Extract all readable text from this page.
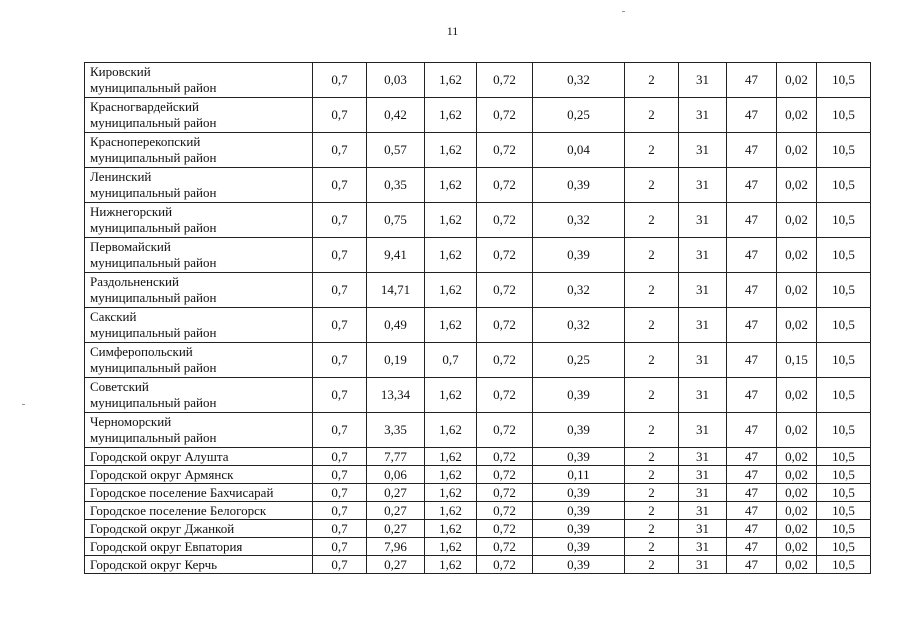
11
Кировский
муниципальный район	0,7	0,03	1,62	0,72	0,32	2	31	47	0,02	10,5

Красногвардейский
муниципальный район	0,7	0,42	1,62	0,72	0,25	2	31	47	0,02	10,5

Красноперекопский
муниципальный район	0,7	0,57	1,62	0,72	0,04	2	31	47	0,02	10,5

Ленинский
муниципальный район	0,7	0,35	1,62	0,72	0,39	2	31	47	0,02	10,5

Нижнегорский
муниципальный район	0,7	0,75	1,62	0,72	0,32	2	31	47	0,02	10,5

Первомайский
муниципальный район	0,7	9,41	1,62	0,72	0,39	2	31	47	0,02	10,5

Раздольненский
муниципальный район	0,7	14,71	1,62	0,72	0,32	2	31	47	0,02	10,5

Сакский
муниципальный район	0,7	0,49	1,62	0,72	0,32	2	31	47	0,02	10,5

Симферопольский
муниципальный район	0,7	0,19	0,7	0,72	0,25	2	31	47	0,15	10,5

Советский
муниципальный район	0,7	13,34	1,62	0,72	0,39	2	31	47	0,02	10,5

Черноморский
муниципальный район	0,7	3,35	1,62	0,72	0,39	2	31	47	0,02	10,5

Городской округ Алушта	0,7	7,77	1,62	0,72	0,39	2	31	47	0,02	10,5

Городской округ Армянск	0,7	0,06	1,62	0,72	0,11	2	31	47	0,02	10,5

Городское поселение Бахчисарай	0,7	0,27	1,62	0,72	0,39	2	31	47	0,02	10,5

Городское поселение Белогорск	0,7	0,27	1,62	0,72	0,39	2	31	47	0,02	10,5

Городской округ Джанкой	0,7	0,27	1,62	0,72	0,39	2	31	47	0,02	10,5

Городской округ Евпатория	0,7	7,96	1,62	0,72	0,39	2	31	47	0,02	10,5

Городской округ Керчь	0,7	0,27	1,62	0,72	0,39	2	31	47	0,02	10,5
